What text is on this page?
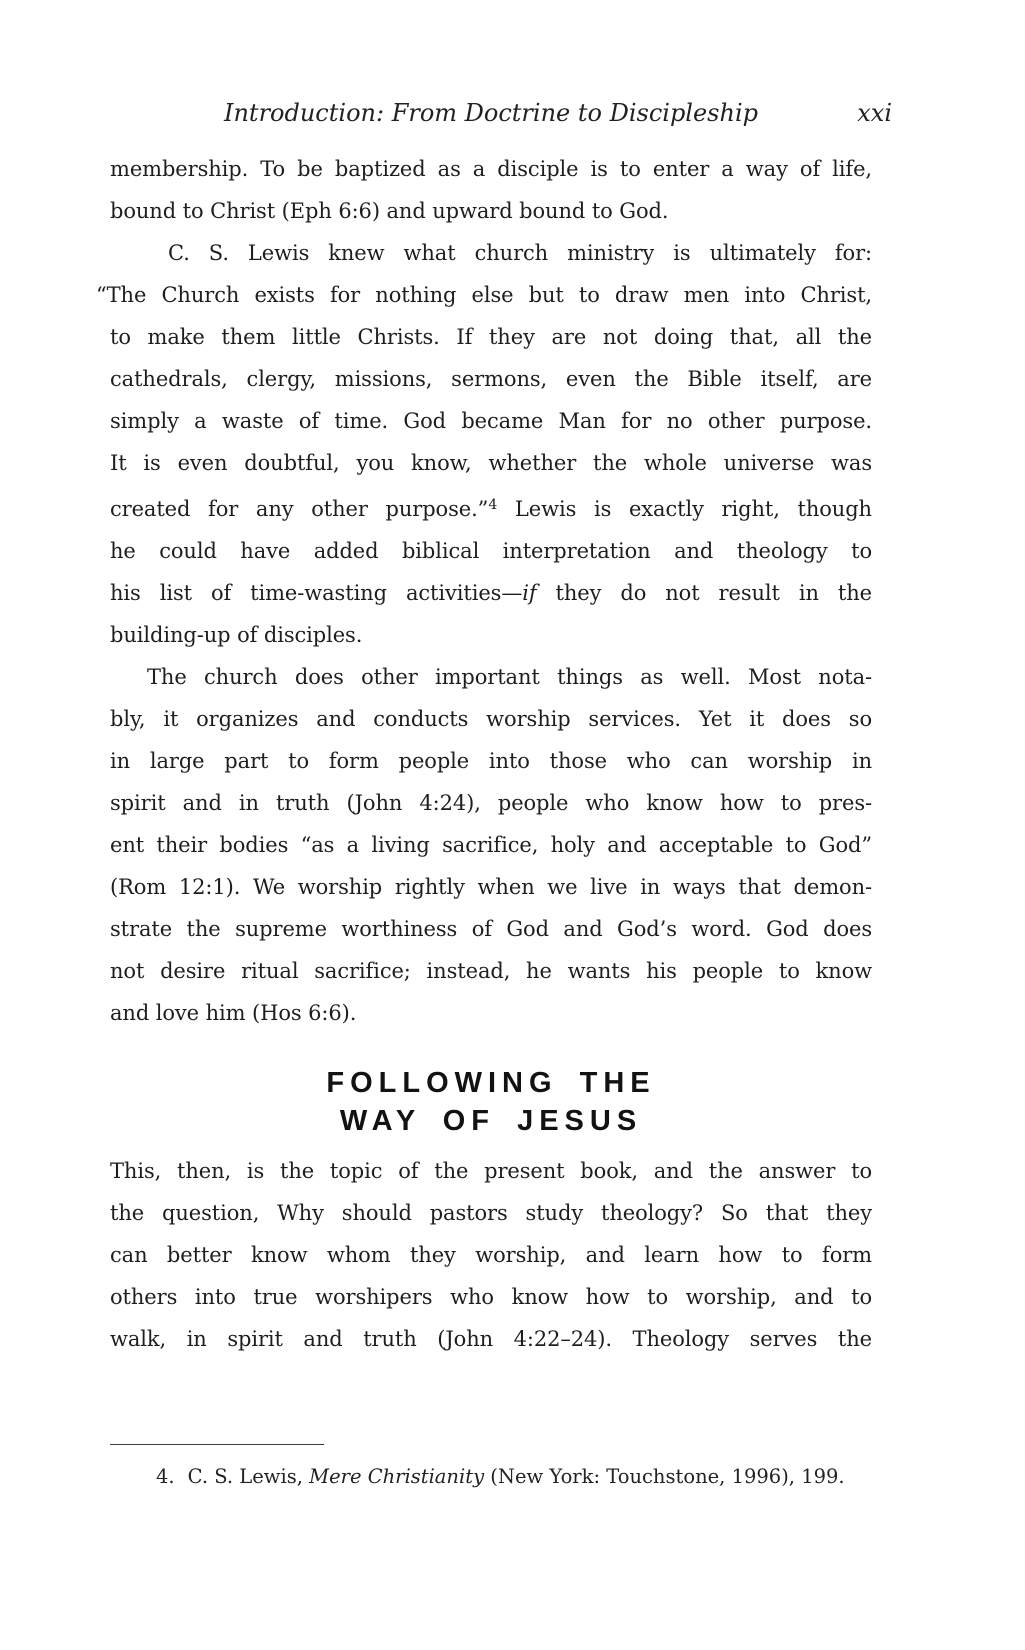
Introduction: From Doctrine to Discipleship	xxi
membership. To be baptized as a disciple is to enter a way of life,
bound to Christ (Eph 6:6) and upward bound to God.
C. S. Lewis knew what church ministry is ultimately for:
“The Church exists for nothing else but to draw men into Christ,
to make them little Christs. If they are not doing that, all the
cathedrals, clergy, missions, sermons, even the Bible itself, are
simply a waste of time. God became Man for no other purpose.
It is even doubtful, you know, whether the whole universe was
created for any other purpose.”$^4$ Lewis is exactly right, though
he could have added biblical interpretation and theology to
his list of time-wasting activities—if they do not result in the
building-up of disciples.
The church does other important things as well. Most nota-
bly, it organizes and conducts worship services. Yet it does so
in large part to form people into those who can worship in
spirit and in truth (John 4:24), people who know how to pres-
ent their bodies “as a living sacrifice, holy and acceptable to God”
(Rom 12:1). We worship rightly when we live in ways that demon-
strate the supreme worthiness of God and God’s word. God does
not desire ritual sacrifice; instead, he wants his people to know
and love him (Hos 6:6).
FOLLOWING THE
WAY OF JESUS
This, then, is the topic of the present book, and the answer to
the question, Why should pastors study theology? So that they
can better know whom they worship, and learn how to form
others into true worshipers who know how to worship, and to
walk, in spirit and truth (John 4:22–24). Theology serves the
4. C. S. Lewis, Mere Christianity (New York: Touchstone, 1996), 199.
